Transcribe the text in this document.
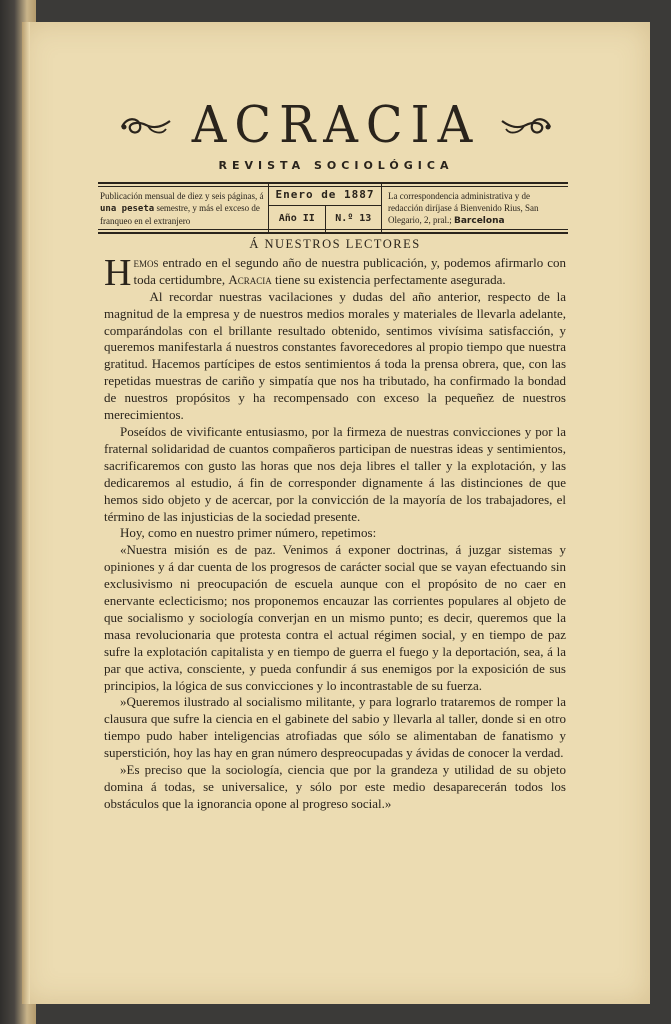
ACRACIA
REVISTA SOCIOLÓGICA
Publicación mensual de diez y seis páginas, á una peseta semestre, y más el exceso de franqueo en el extranjero
Enero de 1887
Año II	N.º 13
La correspondencia administrativa y de redacción diríjase á Bienvenido Rius, San Olegario, 2, pral.; Barcelona
Á NUESTROS LECTORES

Hemos entrado en el segundo año de nuestra publicación, y, podemos afirmarlo con toda certidumbre, Acracia tiene su existencia perfectamente asegurada.

Al recordar nuestras vacilaciones y dudas del año anterior, respecto de la magnitud de la empresa y de nuestros medios morales y materiales de llevarla adelante, comparándolas con el brillante resultado obtenido, sentimos vivísima satisfacción, y queremos manifestarla á nuestros constantes favorecedores al propio tiempo que nuestra gratitud. Hacemos partícipes de estos sentimientos á toda la prensa obrera, que, con las repetidas muestras de cariño y simpatía que nos ha tributado, ha confirmado la bondad de nuestros propósitos y ha recompensado con exceso la pequeñez de nuestros merecimientos.

Poseídos de vivificante entusiasmo, por la firmeza de nuestras convicciones y por la fraternal solidaridad de cuantos compañeros participan de nuestras ideas y sentimientos, sacrificaremos con gusto las horas que nos deja libres el taller y la explotación, y las dedicaremos al estudio, á fin de corresponder dignamente á las distinciones de que hemos sido objeto y de acercar, por la convicción de la mayoría de los trabajadores, el término de las injusticias de la sociedad presente.

Hoy, como en nuestro primer número, repetimos:

«Nuestra misión es de paz. Venimos á exponer doctrinas, á juzgar sistemas y opiniones y á dar cuenta de los progresos de carácter social que se vayan efectuando sin exclusivismo ni preocupación de escuela aunque con el propósito de no caer en enervante eclecticismo; nos proponemos encauzar las corrientes populares al objeto de que socialismo y sociología converjan en un mismo punto; es decir, queremos que la masa revolucionaria que protesta contra el actual régimen social, y en tiempo de paz sufre la explotación capitalista y en tiempo de guerra el fuego y la deportación, sea, á la par que activa, consciente, y pueda confundir á sus enemigos por la exposición de sus principios, la lógica de sus convicciones y lo incontrastable de su fuerza.

»Queremos ilustrado al socialismo militante, y para lograrlo trataremos de romper la clausura que sufre la ciencia en el gabinete del sabio y llevarla al taller, donde si en otro tiempo pudo haber inteligencias atrofiadas que sólo se alimentaban de fanatismo y superstición, hoy las hay en gran número despreocupadas y ávidas de conocer la verdad.

»Es preciso que la sociología, ciencia que por la grandeza y utilidad de su objeto domina á todas, se universalice, y sólo por este medio desaparecerán todos los obstáculos que la ignorancia opone al progreso social.»
